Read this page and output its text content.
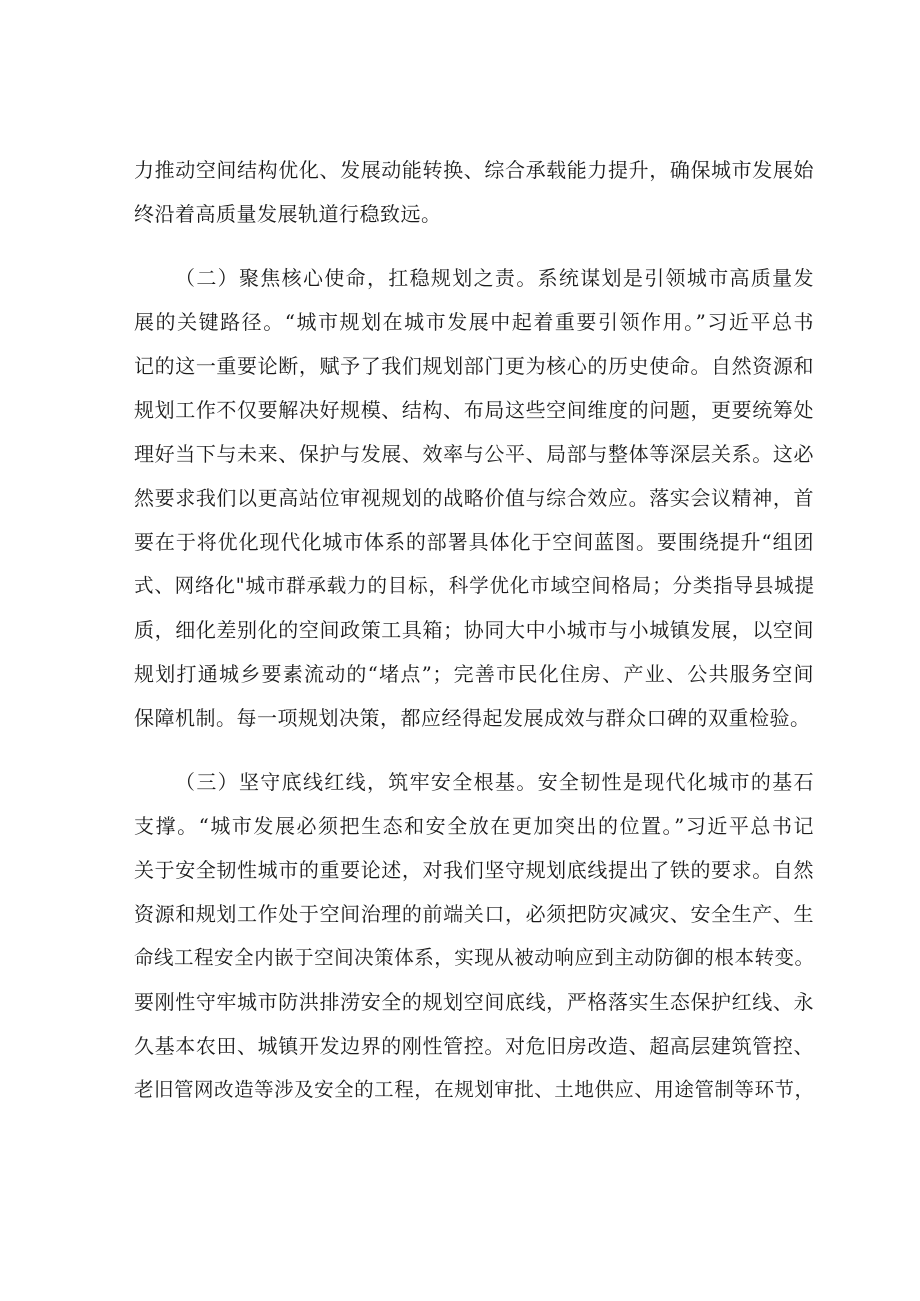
力推动空间结构优化、发展动能转换、综合承载能力提升，确保城市发展始
终沿着高质量发展轨道行稳致远。
（二）聚焦核心使命，扛稳规划之责。系统谋划是引领城市高质量发
展的关键路径。“城市规划在城市发展中起着重要引领作用。”习近平总书
记的这一重要论断，赋予了我们规划部门更为核心的历史使命。自然资源和
规划工作不仅要解决好规模、结构、布局这些空间维度的问题，更要统筹处
理好当下与未来、保护与发展、效率与公平、局部与整体等深层关系。这必
然要求我们以更高站位审视规划的战略价值与综合效应。落实会议精神，首
要在于将优化现代化城市体系的部署具体化于空间蓝图。要围绕提升“组团
式、网络化"城市群承载力的目标，科学优化市域空间格局；分类指导县城提
质，细化差别化的空间政策工具箱；协同大中小城市与小城镇发展，以空间
规划打通城乡要素流动的“堵点”；完善市民化住房、产业、公共服务空间
保障机制。每一项规划决策，都应经得起发展成效与群众口碑的双重检验。
（三）坚守底线红线，筑牢安全根基。安全韧性是现代化城市的基石
支撑。“城市发展必须把生态和安全放在更加突出的位置。”习近平总书记
关于安全韧性城市的重要论述，对我们坚守规划底线提出了铁的要求。自然
资源和规划工作处于空间治理的前端关口，必须把防灾减灾、安全生产、生
命线工程安全内嵌于空间决策体系，实现从被动响应到主动防御的根本转变。
要刚性守牢城市防洪排涝安全的规划空间底线，严格落实生态保护红线、永
久基本农田、城镇开发边界的刚性管控。对危旧房改造、超高层建筑管控、
老旧管网改造等涉及安全的工程，在规划审批、土地供应、用途管制等环节，
